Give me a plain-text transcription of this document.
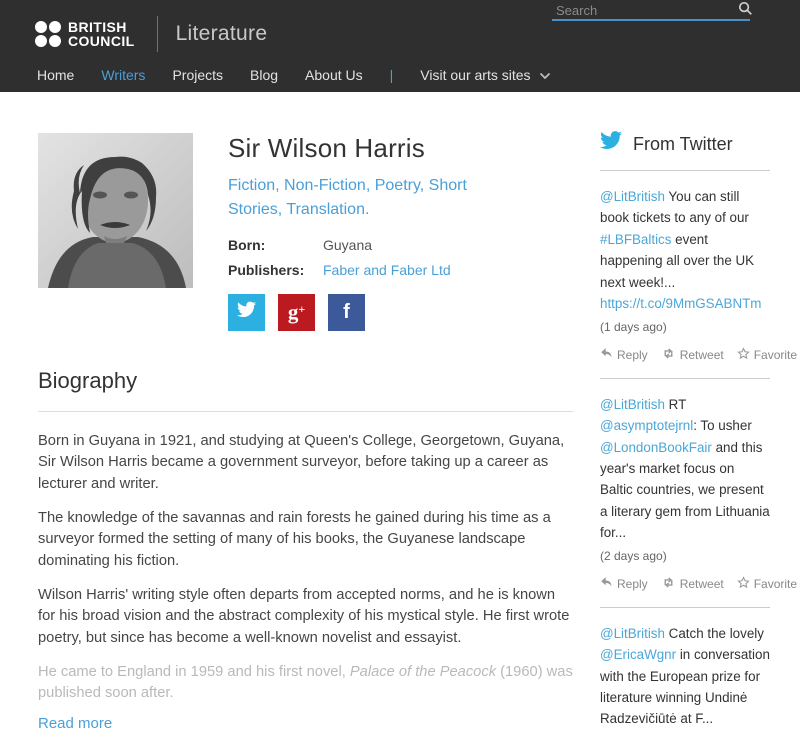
Search
BRITISH
COUNCIL Literature
Home Writers Projects Blog About Us | Visit our arts sites
Sir Wilson Harris
Fiction, Non-Fiction, Poetry, Short Stories, Translation.
Born:	Guyana
Publishers:	Faber and Faber Ltd
g+ f
Biography

Born in Guyana in 1921, and studying at Queen's College, Georgetown, Guyana, Sir Wilson Harris became a government surveyor, before taking up a career as lecturer and writer.

The knowledge of the savannas and rain forests he gained during his time as a surveyor formed the setting of many of his books, the Guyanese landscape dominating his fiction.

Wilson Harris' writing style often departs from accepted norms, and he is known for his broad vision and the abstract complexity of his mystical style. He first wrote poetry, but since has become a well-known novelist and essayist.

He came to England in 1959 and his first novel, Palace of the Peacock (1960) was published soon after.

Read more
From Twitter

@LitBritish You can still book tickets to any of our #LBFBaltics event happening all over the UK next week!... https://t.co/9MmGSABNTm

(1 days ago)
Reply	Retweet	Favorite

@LitBritish RT @asymptotejrnl: To usher @LondonBookFair and this year's market focus on Baltic countries, we present a literary gem from Lithuania for...

(2 days ago)
Reply	Retweet	Favorite

@LitBritish Catch the lovely @EricaWgnr in conversation with the European prize for literature winning Undinė Radzevičiūtė at F...
